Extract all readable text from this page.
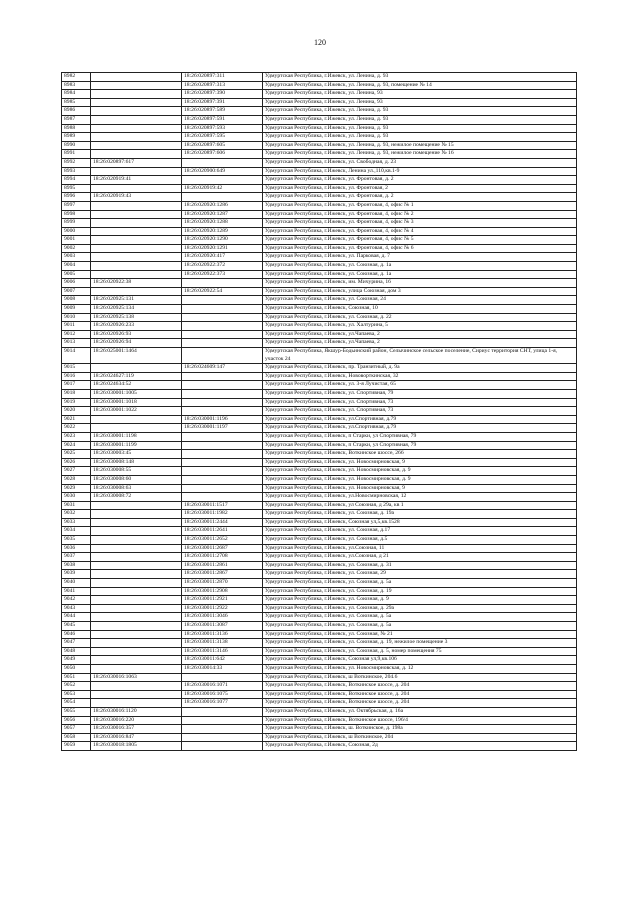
120
8982		18:26:020897:311	Удмуртская Республика, г.Ижевск, ул. Ленина, д. 93
8983		18:26:020897:313	Удмуртская Республика, г.Ижевск, ул. Ленина, д. 93, помещение № 14
8984		18:26:020897:390	Удмуртская Республика, г.Ижевск, ул. Ленина, 93
8985		18:26:020897:391	Удмуртская Республика, г.Ижевск, ул. Ленина, 93
8986		18:26:020897:589	Удмуртская Республика, г.Ижевск, ул. Ленина, д. 93
8987		18:26:020897:591	Удмуртская Республика, г.Ижевск, ул. Ленина, д. 93
8988		18:26:020897:593	Удмуртская Республика, г.Ижевск, ул. Ленина, д. 93
8989		18:26:020897:595	Удмуртская Республика, г.Ижевск, ул. Ленина, д. 93
8990		18:26:020897:605	Удмуртская Республика, г.Ижевск, ул. Ленина, д. 93, нежилое помещение № 15
8991		18:26:020897:606	Удмуртская Республика, г.Ижевск, ул. Ленина, д. 93, нежилое помещение № 16
8992	18:26:020897:617		Удмуртская Республика, г.Ижевск, ул. Свободная, д. 23
8993		18:26:020900:649	Удмуртская Республика, г.Ижевск, Ленина ул.,110,кв.1-9
8994	18:26:020919:41		Удмуртская Республика, г.Ижевск, ул. Фронтовая, д. 2
8995		18:26:020919:42	Удмуртская Республика, г.Ижевск, ул. Фронтовая, 2
8996	18:26:020919:43		Удмуртская Республика, г.Ижевск, ул. Фронтовая, д. 2
8997		18:26:020920:1286	Удмуртская Республика, г.Ижевск, ул. Фронтовая, 4, офис № 1
8998		18:26:020920:1287	Удмуртская Республика, г.Ижевск, ул. Фронтовая, 4, офис № 2
8999		18:26:020920:1288	Удмуртская Республика, г.Ижевск, ул. Фронтовая, 4, офис № 3
9000		18:26:020920:1289	Удмуртская Республика, г.Ижевск, ул. Фронтовая, 4, офис № 4
9001		18:26:020920:1290	Удмуртская Республика, г.Ижевск, ул. Фронтовая, 4, офис № 5
9002		18:26:020920:1291	Удмуртская Республика, г.Ижевск, ул. Фронтовая, 4, офис № 6
9003		18:26:020920:417	Удмуртская Республика, г.Ижевск, ул. Парковая, д. 7
9004		18:26:020922:372	Удмуртская Республика, г.Ижевск, ул. Союзная, д. 1а
9005		18:26:020922:373	Удмуртская Республика, г.Ижевск, ул. Союзная, д. 1а
9006	18:26:020922:38		Удмуртская Республика, г.Ижевск, им. Мичурина, 16
9007		18:26:020922:54	Удмуртская Республика, г.Ижевск, улица Союзная, дом 3
9008	18:26:020925:131		Удмуртская Республика, г.Ижевск, ул. Союзная, 24
9009	18:26:020925:134		Удмуртская Республика, г.Ижевск, Союзная, 10
9010	18:26:020925:138		Удмуртская Республика, г.Ижевск, ул. Союзная, д. 22
9011	18:26:020926:233		Удмуртская Республика, г.Ижевск, ул. Халтурина, 5
9012	18:26:020926:93		Удмуртская Республика, г.Ижевск, ул.Чапаева, 2
9013	18:26:020926:94		Удмуртская Республика, г.Ижевск, ул.Чапаева, 2
9014	18:26:025001:1464		Удмуртская Республика, Якшур-Бодьинский район, Селычинское сельское поселение, Сириус территория СНТ, улица 1-я, участок 24
9015		18:26:024609:147	Удмуртская Республика, г.Ижевск, пр. Транзитный, д. 9а
9016	18:26:024627:119		Удмуртская Республика, г.Ижевск, Нововорткинская, 32
9017	18:26:024634:52		Удмуртская Республика, г.Ижевск, ул. 3-я Лучистая, 65
9018	18:26:030001:1005		Удмуртская Республика, г.Ижевск, ул. Спортивная, 79
9019	18:26:030001:1018		Удмуртская Республика, г.Ижевск, ул. Спортивная, 73
9020	18:26:030001:1022		Удмуртская Республика, г.Ижевск, ул. Спортивная, 73
9021		18:26:030001:1196	Удмуртская Республика, г.Ижевск, ул.Спортивная, д.79
9022		18:26:030001:1197	Удмуртская Республика, г.Ижевск, ул.Спортивная, д.79
9023	18:26:030001:1198		Удмуртская Республика, г.Ижевск, п Старки, ул Спортивная, 79
9024	18:26:030001:1199		Удмуртская Республика, г.Ижевск, п Старки, ул Спортивная, 79
9025	18:26:030003:45		Удмуртская Республика, г.Ижевск, Воткинское шоссе, 266
9026	18:26:030008:148		Удмуртская Республика, г.Ижевск, ул. Новосмирновская, 9
9027	18:26:030008:55		Удмуртская Республика, г.Ижевск, ул. Новосмирновская, д. 9
9028	18:26:030008:60		Удмуртская Республика, г.Ижевск, ул. Новосмирновская, д. 9
9029	18:26:030008:63		Удмуртская Республика, г.Ижевск, ул. Новосмирновская, 9
9030	18:26:030008:72		Удмуртская Республика, г.Ижевск, ул.Новосмирновская, 12
9031		18:26:030011:1517	Удмуртская Республика, г.Ижевск, ул Союзная, д 29а, кв 1
9032		18:26:030011:1982	Удмуртская Республика, г.Ижевск, ул. Союзная, д. 19а
9033		18:26:030011:2444	Удмуртская Республика, г.Ижевск, Союзная ул,5,кв.1528
9034		18:26:030011:2641	Удмуртская Республика, г.Ижевск, ул. Союзная, д.17
9035		18:26:030011:2652	Удмуртская Республика, г.Ижевск, ул. Союзная, д.5
9036		18:26:030011:2687	Удмуртская Республика, г.Ижевск, ул.Союзная, 11
9037		18:26:030011:2708	Удмуртская Республика, г.Ижевск, ул.Союзная, д 21
9038		18:26:030011:2861	Удмуртская Республика, г.Ижевск, ул. Союзная, д. 31
9039		18:26:030011:2867	Удмуртская Республика, г.Ижевск, ул. Союзная, 29
9040		18:26:030011:2870	Удмуртская Республика, г.Ижевск, ул. Союзная, д. 5а
9041		18:26:030011:2908	Удмуртская Республика, г.Ижевск, ул. Союзная, д. 19
9042		18:26:030011:2921	Удмуртская Республика, г.Ижевск, ул. Союзная, д. 9
9043		18:26:030011:2922	Удмуртская Республика, г.Ижевск, ул. Союзная, д. 29а
9044		18:26:030011:3046	Удмуртская Республика, г.Ижевск, ул. Союзная, д. 5а
9045		18:26:030011:3087	Удмуртская Республика, г.Ижевск, ул. Союзная, д. 5а
9046		18:26:030011:3136	Удмуртская Республика, г.Ижевск, ул. Союзная, № 21
9047		18:26:030011:3138	Удмуртская Республика, г.Ижевск, ул. Союзная, д. 19, нежилое помещение 3
9048		18:26:030011:3146	Удмуртская Республика, г.Ижевск, ул. Союзная, д. 5, номер помещения 75
9049		18:26:030011:642	Удмуртская Республика, г.Ижевск, Союзная ул,9,кв.106
9050		18:26:030014:33	Удмуртская Республика, г.Ижевск, ул. Новосмирновская, д. 12
9051	18:26:030016:1063		Удмуртская Республика, г.Ижевск, ш Воткинское, 204.6
9052		18:26:030016:1071	Удмуртская Республика, г.Ижевск, Воткинское шоссе, д. 204
9053		18:26:030016:1075	Удмуртская Республика, г.Ижевск, Воткинское шоссе, д. 204
9054		18:26:030016:1077	Удмуртская Республика, г.Ижевск, Воткинское шоссе, д. 204
9055	18:26:030016:1120		Удмуртская Республика, г.Ижевск, ул. Октябрьская, д. 16а
9056	18:26:030016:220		Удмуртская Республика, г.Ижевск, Воткинское шоссе, 196/4
9057	18:26:030016:357		Удмуртская Республика, г.Ижевск, ш. Воткинское, д. 198а
9058	18:26:030016:847		Удмуртская Республика, г.Ижевск, ш Воткинское, 204
9059	18:26:030018:1805		Удмуртская Республика, г.Ижевск, Союзная, 2д
